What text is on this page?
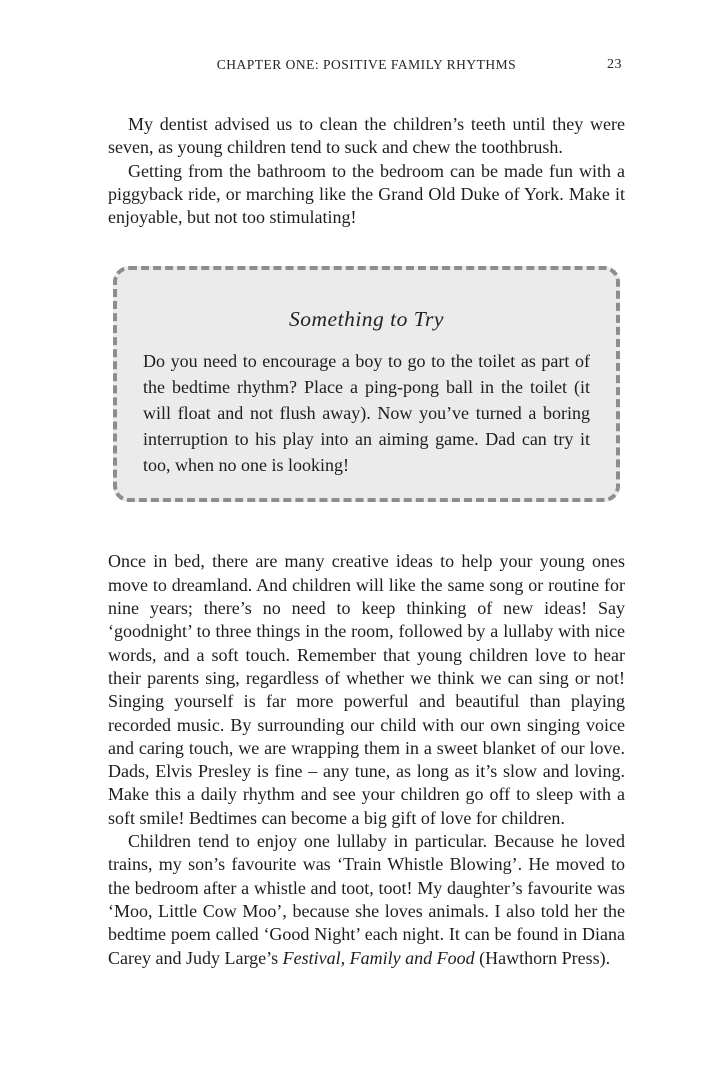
CHAPTER ONE: POSITIVE FAMILY RHYTHMS	23

My dentist advised us to clean the children’s teeth until they were seven, as young children tend to suck and chew the toothbrush.

Getting from the bathroom to the bedroom can be made fun with a piggyback ride, or marching like the Grand Old Duke of York. Make it enjoyable, but not too stimulating!

Something to Try

Do you need to encourage a boy to go to the toilet as part of the bedtime rhythm? Place a ping-pong ball in the toilet (it will float and not flush away). Now you’ve turned a boring interruption to his play into an aiming game. Dad can try it too, when no one is looking!

Once in bed, there are many creative ideas to help your young ones move to dreamland. And children will like the same song or routine for nine years; there’s no need to keep thinking of new ideas! Say ‘goodnight’ to three things in the room, followed by a lullaby with nice words, and a soft touch. Remember that young children love to hear their parents sing, regardless of whether we think we can sing or not! Singing yourself is far more powerful and beautiful than playing recorded music. By surrounding our child with our own singing voice and caring touch, we are wrapping them in a sweet blanket of our love. Dads, Elvis Presley is fine – any tune, as long as it’s slow and loving. Make this a daily rhythm and see your children go off to sleep with a soft smile! Bedtimes can become a big gift of love for children.

Children tend to enjoy one lullaby in particular. Because he loved trains, my son’s favourite was ‘Train Whistle Blowing’. He moved to the bedroom after a whistle and toot, toot! My daughter’s favourite was ‘Moo, Little Cow Moo’, because she loves animals. I also told her the bedtime poem called ‘Good Night’ each night. It can be found in Diana Carey and Judy Large’s Festival, Family and Food (Hawthorn Press).
